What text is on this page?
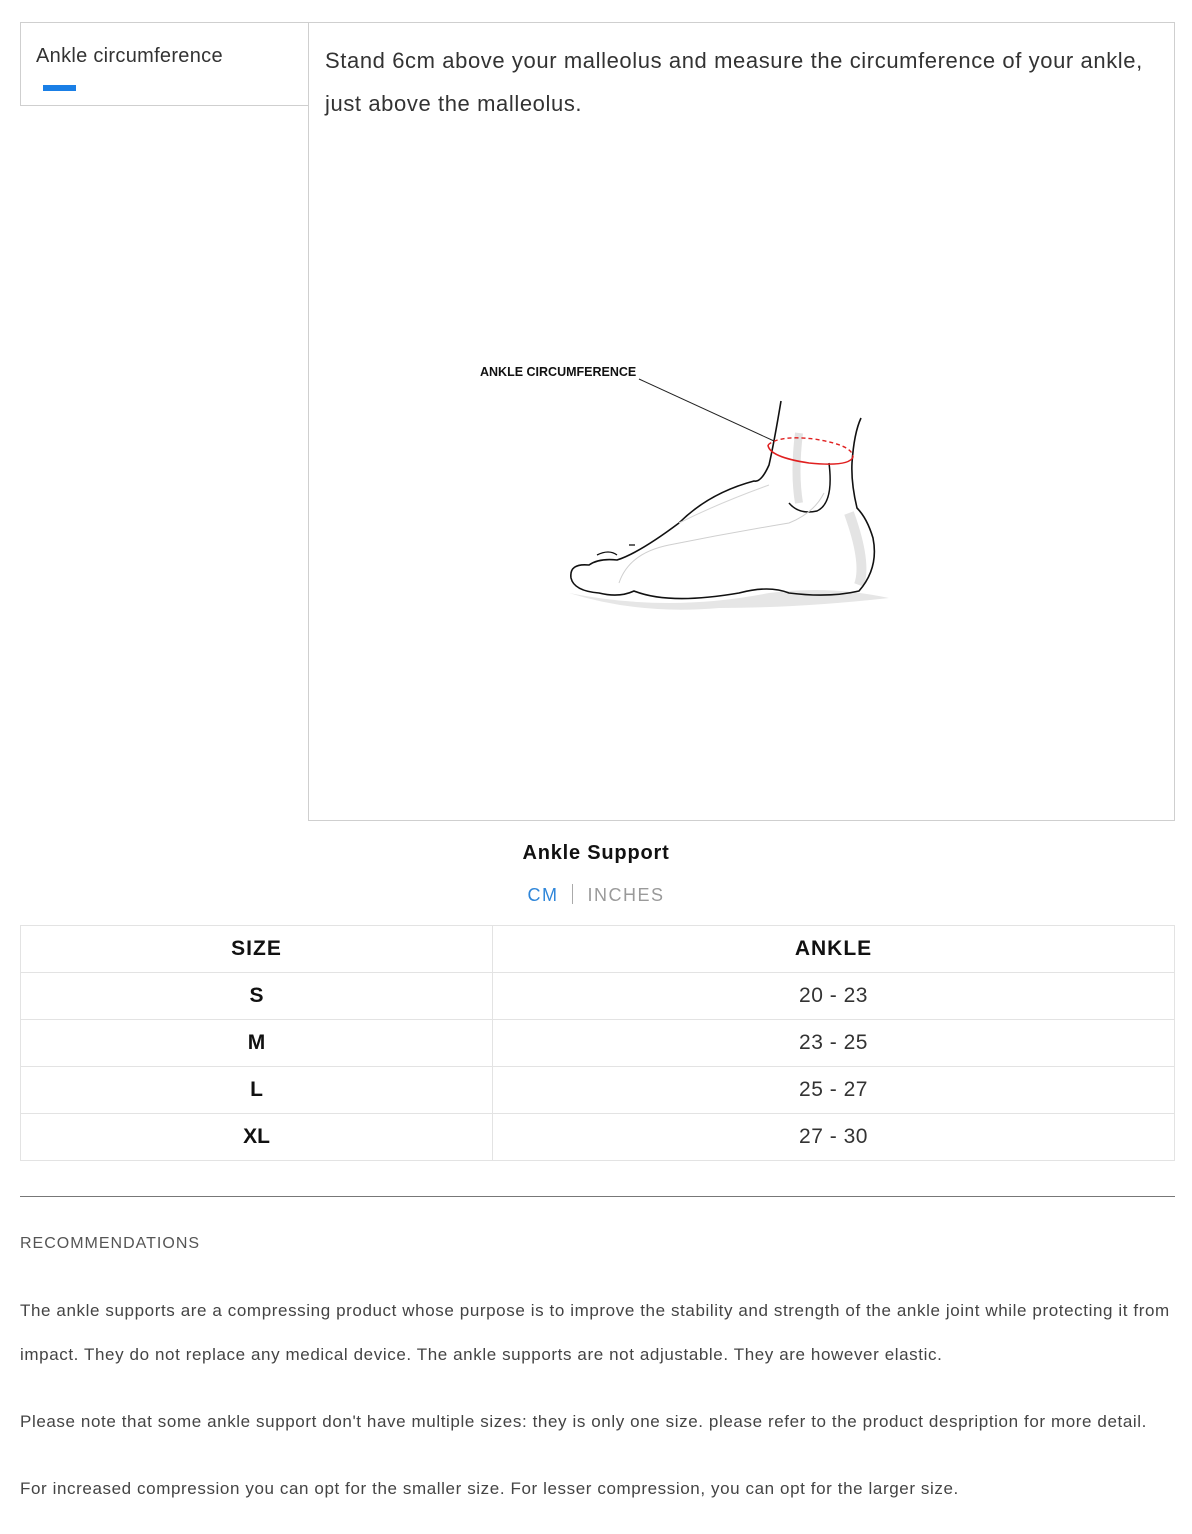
Ankle circumference	Stand 6cm above your malleolus and measure the circumference of your ankle, just above the malleolus.
ANKLE CIRCUMFERENCE
Ankle Support
CM INCHES
SIZE	ANKLE
S	20 - 23
M	23 - 25
L	25 - 27
XL	27 - 30
RECOMMENDATIONS

The ankle supports are a compressing product whose purpose is to improve the stability and strength of the ankle joint while protecting it from impact. They do not replace any medical device. The ankle supports are not adjustable. They are however elastic.

Please note that some ankle support don't have multiple sizes: they is only one size. please refer to the product despription for more detail.

For increased compression you can opt for the smaller size. For lesser compression, you can opt for the larger size.
